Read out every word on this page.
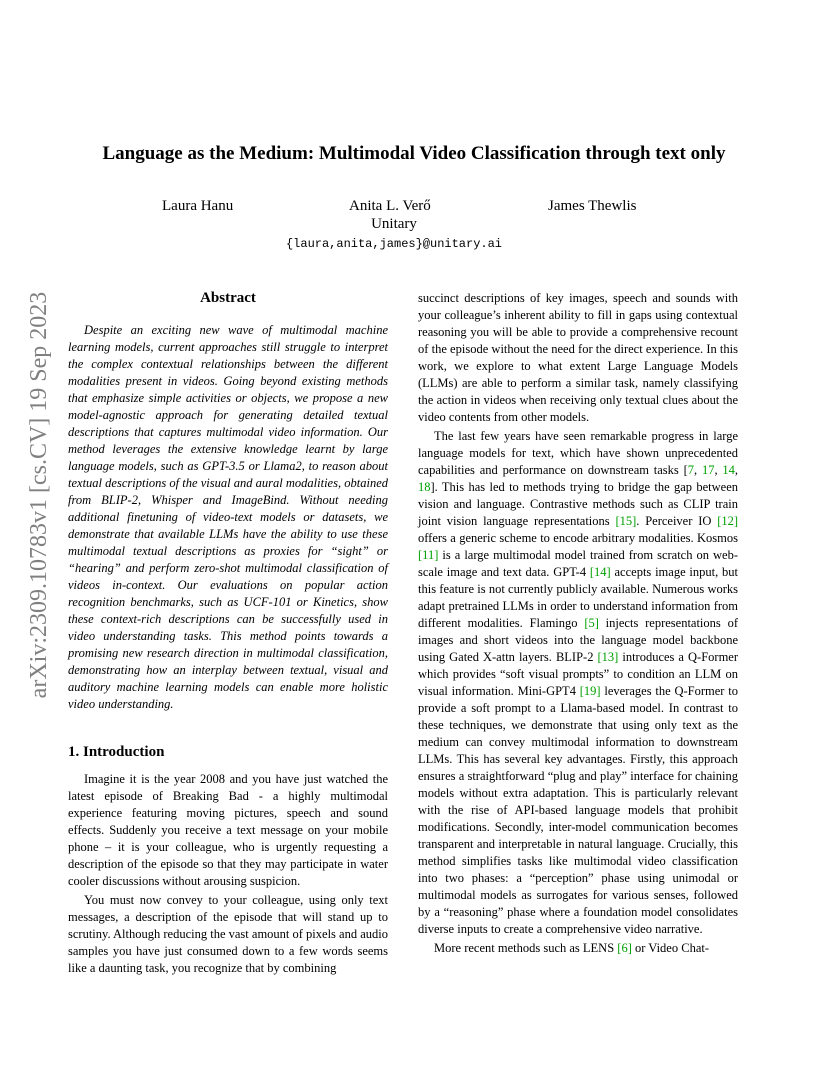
Language as the Medium: Multimodal Video Classification through text only
Laura Hanu	Anita L. Verő	James Thewlis
Unitary
{laura,anita,james}@unitary.ai
arXiv:2309.10783v1 [cs.CV] 19 Sep 2023	Abstract

Despite an exciting new wave of multimodal machine learning models, current approaches still struggle to interpret the complex contextual relationships between the different modalities present in videos. Going beyond existing methods that emphasize simple activities or objects, we propose a new model-agnostic approach for generating detailed textual descriptions that captures multimodal video information. Our method leverages the extensive knowledge learnt by large language models, such as GPT-3.5 or Llama2, to reason about textual descriptions of the visual and aural modalities, obtained from BLIP-2, Whisper and ImageBind. Without needing additional finetuning of video-text models or datasets, we demonstrate that available LLMs have the ability to use these multimodal textual descriptions as proxies for “sight” or “hearing” and perform zero-shot multimodal classification of videos in-context. Our evaluations on popular action recognition benchmarks, such as UCF-101 or Kinetics, show these context-rich descriptions can be successfully used in video understanding tasks. This method points towards a promising new research direction in multimodal classification, demonstrating how an interplay between textual, visual and auditory machine learning models can enable more holistic video understanding.

1. Introduction

Imagine it is the year 2008 and you have just watched the latest episode of Breaking Bad - a highly multimodal experience featuring moving pictures, speech and sound effects. Suddenly you receive a text message on your mobile phone – it is your colleague, who is urgently requesting a description of the episode so that they may participate in water cooler discussions without arousing suspicion.

You must now convey to your colleague, using only text messages, a description of the episode that will stand up to scrutiny. Although reducing the vast amount of pixels and audio samples you have just consumed down to a few words seems like a daunting task, you recognize that by combining

succinct descriptions of key images, speech and sounds with your colleague’s inherent ability to fill in gaps using contextual reasoning you will be able to provide a comprehensive recount of the episode without the need for the direct experience. In this work, we explore to what extent Large Language Models (LLMs) are able to perform a similar task, namely classifying the action in videos when receiving only textual clues about the video contents from other models.

The last few years have seen remarkable progress in large language models for text, which have shown unprecedented capabilities and performance on downstream tasks [7, 17, 14, 18]. This has led to methods trying to bridge the gap between vision and language. Contrastive methods such as CLIP train joint vision language representations [15]. Perceiver IO [12] offers a generic scheme to encode arbitrary modalities. Kosmos [11] is a large multimodal model trained from scratch on web-scale image and text data. GPT-4 [14] accepts image input, but this feature is not currently publicly available. Numerous works adapt pretrained LLMs in order to understand information from different modalities. Flamingo [5] injects representations of images and short videos into the language model backbone using Gated X-attn layers. BLIP-2 [13] introduces a Q-Former which provides “soft visual prompts” to condition an LLM on visual information. Mini-GPT4 [19] leverages the Q-Former to provide a soft prompt to a Llama-based model. In contrast to these techniques, we demonstrate that using only text as the medium can convey multimodal information to downstream LLMs. This has several key advantages. Firstly, this approach ensures a straightforward “plug and play” interface for chaining models without extra adaptation. This is particularly relevant with the rise of API-based language models that prohibit modifications. Secondly, inter-model communication becomes transparent and interpretable in natural language. Crucially, this method simplifies tasks like multimodal video classification into two phases: a “perception” phase using unimodal or multimodal models as surrogates for various senses, followed by a “reasoning” phase where a foundation model consolidates diverse inputs to create a comprehensive video narrative.

More recent methods such as LENS [6] or Video Chat-
